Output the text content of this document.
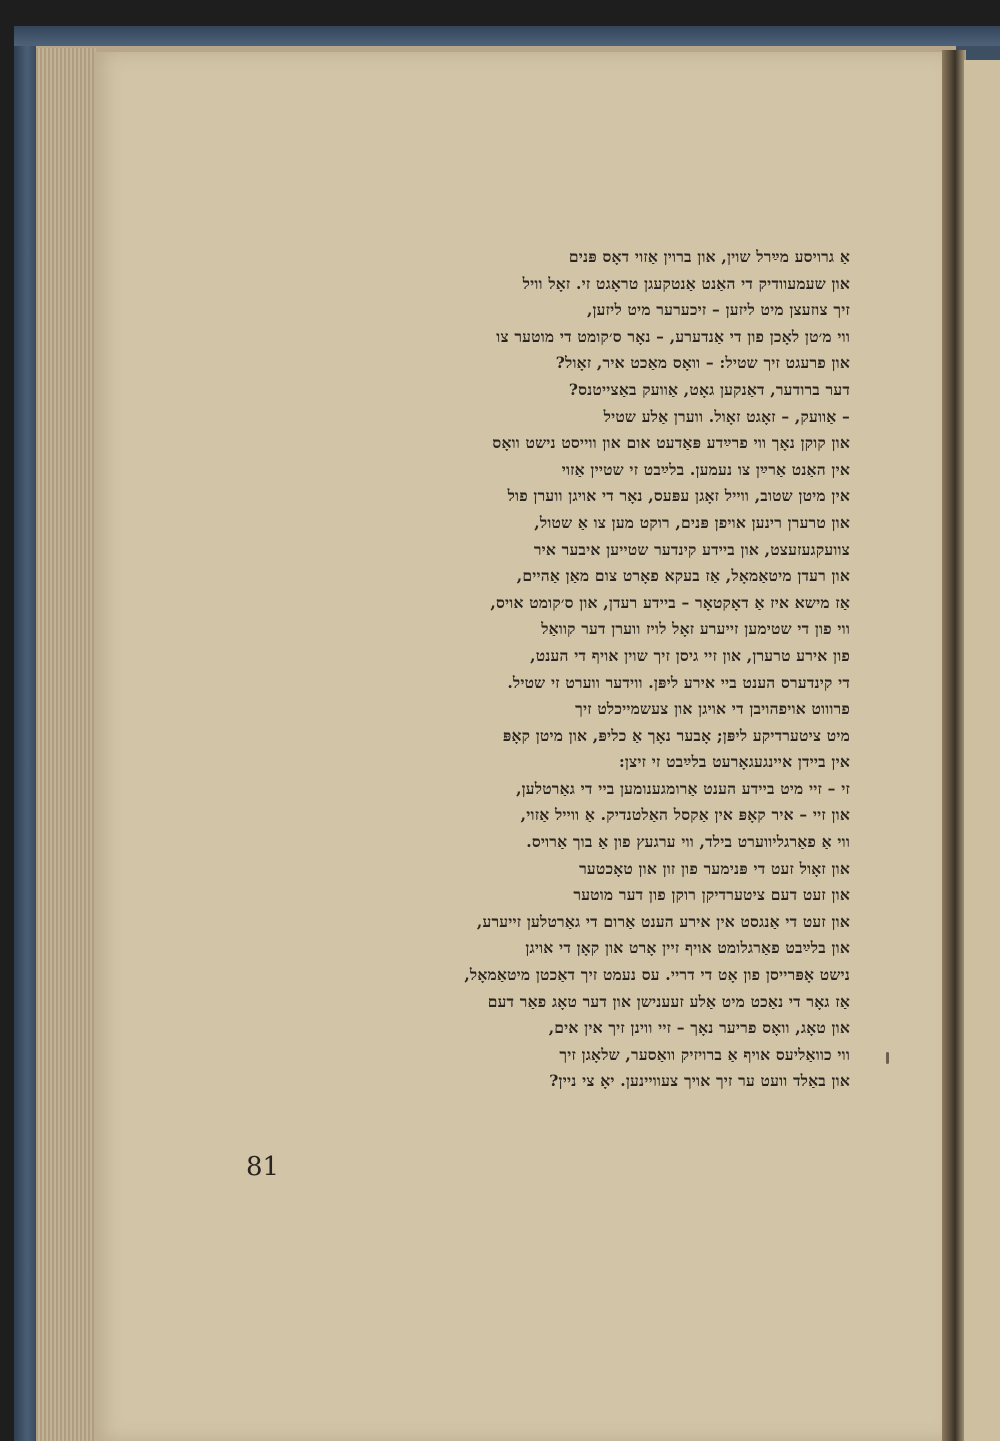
אַ גרויסע מײַרל שוין, און ברוין אַזוי דאָס פּנים
און שעמעוודיק די האַנט אַנטקעגן טראָגט זי. זאָל וויל
זיך צוזעצן מיט ליזען – זיכערער מיט ליזען,
ווי מ׳טן לאָכן פון די אַנדערע, – נאָר ס׳קומט די מוטער צו
און פרעגט זיך שטיל: – וואָס מאַכט איר, זאָול?
דער ברודער, דאַנקען גאָט, אַוועק באַצייטנס?
– אַוועק, – זאָגט זאָול. ווערן אַלע שטיל
און קוקן נאָך ווי פרײַדע פּאַדעט אום און ווייסט נישט וואָס
אין האַנט אַרײַן צו נעמען. בלײַבט זי שטיין אַזוי
אין מיטן שטוב, ווייל זאָגן עפּעס, נאָר די אויגן ווערן פול
און טרערן רינען אויפן פּנים, רוקט מען צו אַ שטול,
צוועקגעזעצט, און ביידע קינדער שטייען איבער איר
און רעדן מיטאַמאָל, אַז בעקא פאָרט צום מאַן אַהיים,
אַז מישא איז אַ דאָקטאָר – ביידע רעדן, און ס׳קומט אויס,
ווי פון די שטימען זייערע זאָל לויז ווערן דער קוואַל
פון אירע טרערן, און זיי גיסן זיך שוין אויף די הענט,
די קינדערס הענט ביי אירע ליפּן. ווידער ווערט זי שטיל.
פרוווט אויפהויבן די אויגן און צעשמייכלט זיך
מיט ציטערדיקע ליפּן; אָבער נאָך אַ כליפּ, און מיטן קאָפּ
אין ביידן איינגעגאָרעט בלײַבט זי זיצן:
זי – זיי מיט ביידע הענט אַרומגענומען ביי די גאַרטלען,
און זיי – איר קאָפּ אין אַקסל האַלטנדיק. אַ ווייל אַזוי,
ווי אַ פאַרגליווערט בילד, ווי ערגעץ פון אַ בוך אַרויס.
און זאָול זעט די פּנימער פון זון און טאָכטער
און זעט דעם ציטערדיקן רוקן פון דער מוטער
און זעט די אַנגסט אין אירע הענט אַרום די גאַרטלען זייערע,
און בלײַבט פאַרגלומט אויף זיין אָרט און קאָן די אויגן
נישט אָפּרייסן פון אָט די דריי. עס נעמט זיך דאַכטן מיטאַמאָל,
אַז גאָר די נאַכט מיט אַלע זעענישן און דער טאָג פאַר דעם
און טאָג, וואָס פריער נאָך – זיי ווינן זיך אין אים,
ווי כוואַליעס אויף אַ ברויזיק וואַסער, שלאָגן זיך
און באַלד וועט ער זיך אויך צעוויינען. יאָ צי ניין?
81
